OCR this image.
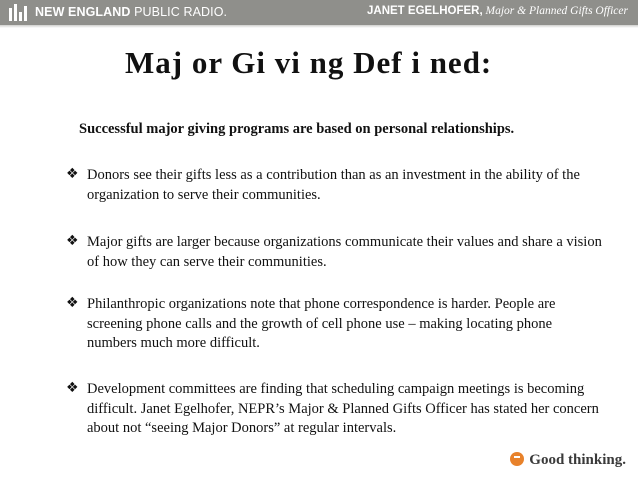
NEW ENGLAND PUBLIC RADIO.	JANET EGELHOFER, Major & Planned Gifts Officer
Maj or Gi vi ng Def i ned:
Successful major giving programs are based on personal relationships.
❖ Donors see their gifts less as a contribution than as an investment in the ability of the organization to serve their communities.
❖ Major gifts are larger because organizations communicate their values and share a vision of how they can serve their communities.
❖ Philanthropic organizations note that phone correspondence is harder. People are screening phone calls and the growth of cell phone use – making locating phone numbers much more difficult.
❖ Development committees are finding that scheduling campaign meetings is becoming difficult. Janet Egelhofer, NEPR’s Major & Planned Gifts Officer has stated her concern about not “seeing Major Donors” at regular intervals.
Good thinking.
